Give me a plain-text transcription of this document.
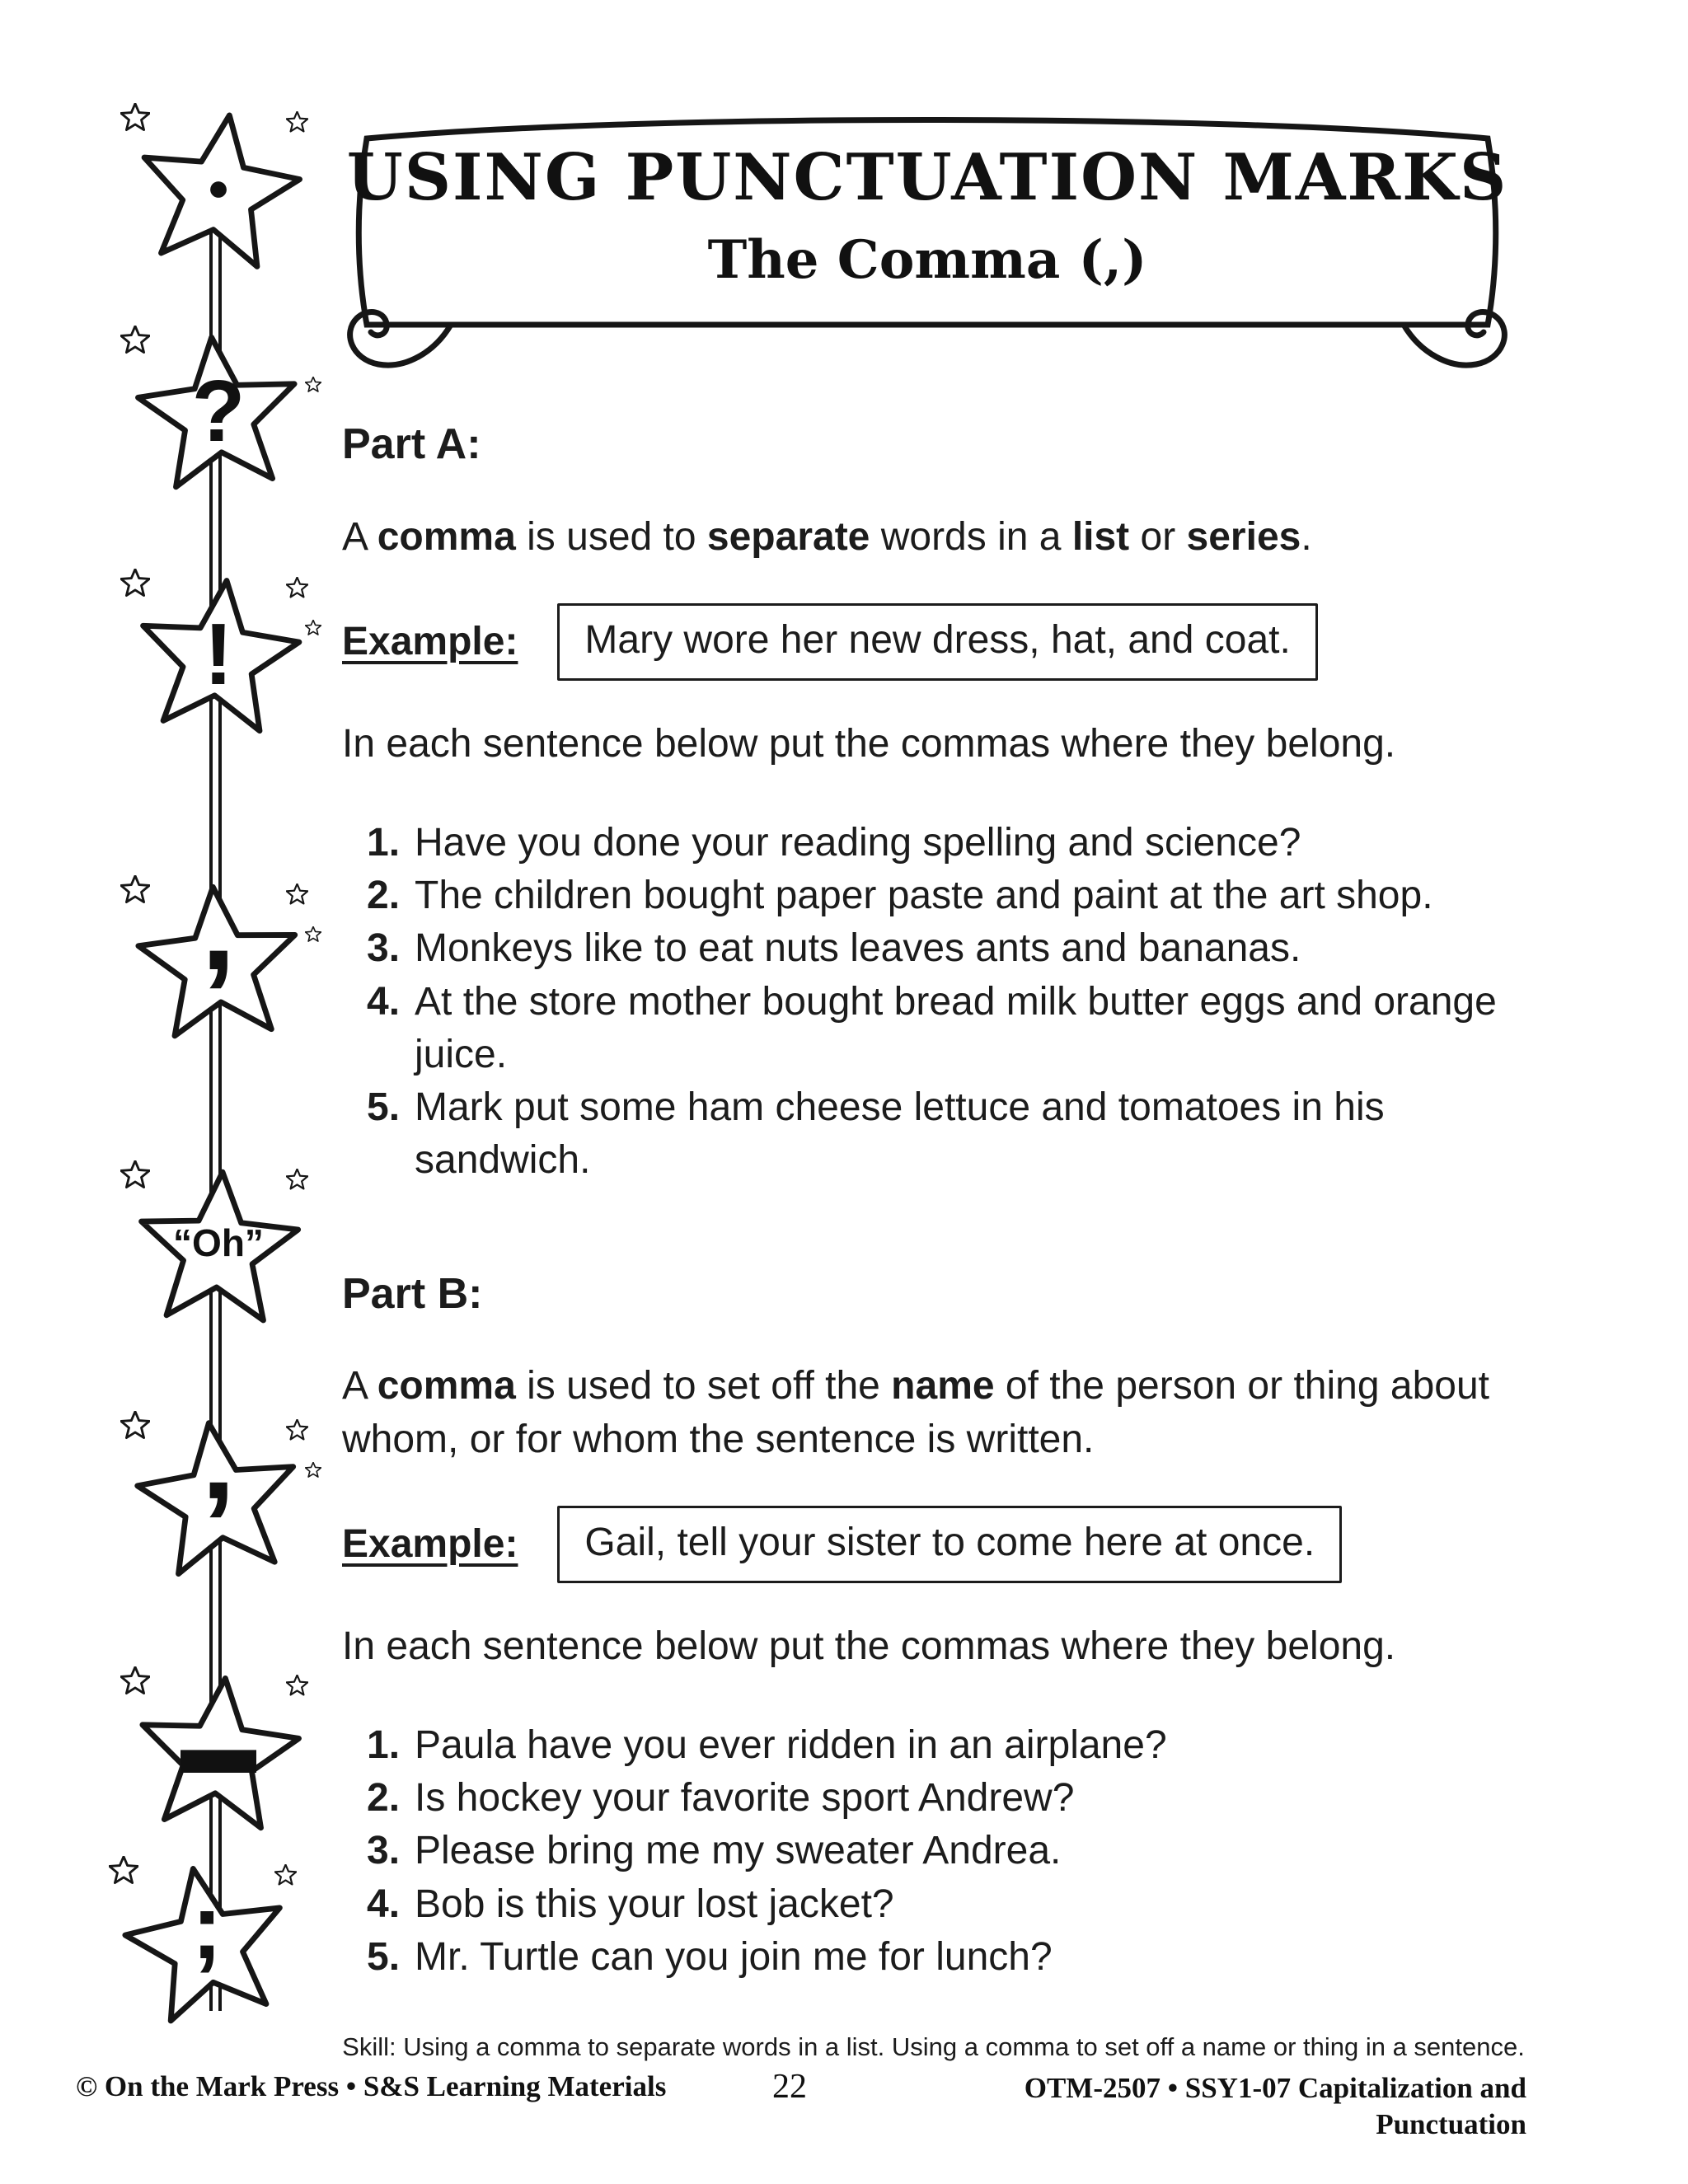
●
?
!
,
“Oh”
’
▬
;
USING PUNCTUATION MARKS
The Comma (,)
Part A:

A comma is used to separate words in a list or series.

Example:	Mary wore her new dress, hat, and coat.

In each sentence below put the commas where they belong.

1. Have you done your reading spelling and science?
2. The children bought paper paste and paint at the art shop.
3. Monkeys like to eat nuts leaves ants and bananas.
4. At the store mother bought bread milk butter eggs and orange juice.
5. Mark put some ham cheese lettuce and tomatoes in his sandwich.
Part B:

A comma is used to set off the name of the person or thing about whom, or for whom the sentence is written.

Example:	Gail, tell your sister to come here at once.

In each sentence below put the commas where they belong.

1. Paula have you ever ridden in an airplane?
2. Is hockey your favorite sport Andrew?
3. Please bring me my sweater Andrea.
4. Bob is this your lost jacket?
5. Mr. Turtle can you join me for lunch?
Skill: Using a comma to separate words in a list. Using a comma to set off a name or thing in a sentence.
© On the Mark Press • S&S Learning Materials	22	OTM-2507 • SSY1-07 Capitalization and
Punctuation
